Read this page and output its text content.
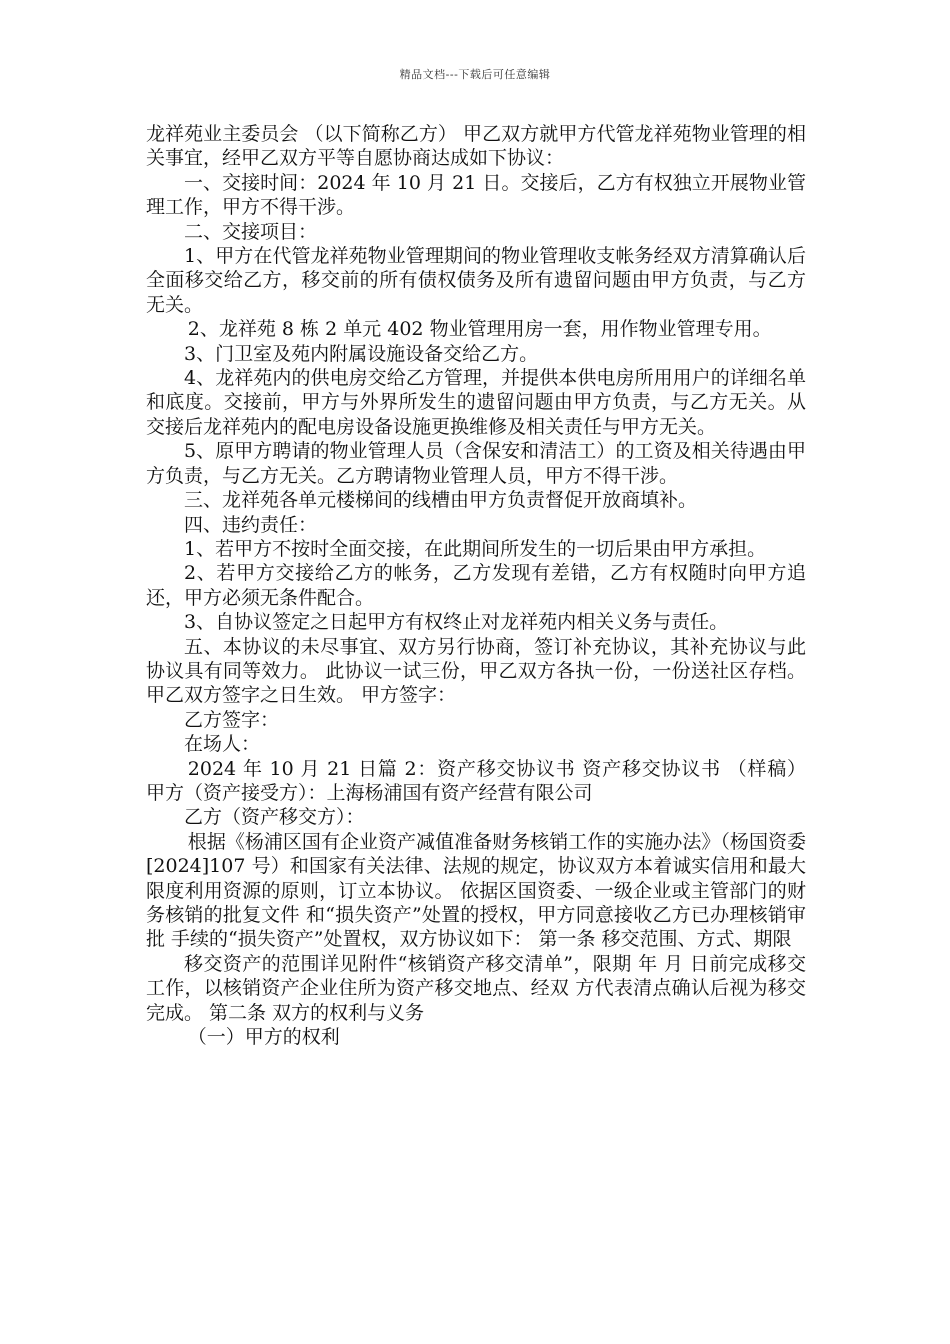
精品文档---下载后可任意编辑

龙祥苑业主委员会 （以下简称乙方） 甲乙双方就甲方代管龙祥苑物业管理的相关事宜，经甲乙双方平等自愿协商达成如下协议：

一、交接时间：2024 年 10 月 21 日。交接后，乙方有权独立开展物业管理工作，甲方不得干涉。

二、交接项目：

1、甲方在代管龙祥苑物业管理期间的物业管理收支帐务经双方清算确认后全面移交给乙方，移交前的所有债权债务及所有遗留问题由甲方负责，与乙方无关。

2、龙祥苑 8 栋 2 单元 402 物业管理用房一套，用作物业管理专用。

3、门卫室及苑内附属设施设备交给乙方。

4、龙祥苑内的供电房交给乙方管理，并提供本供电房所用用户的详细名单和底度。交接前，甲方与外界所发生的遗留问题由甲方负责，与乙方无关。从交接后龙祥苑内的配电房设备设施更换维修及相关责任与甲方无关。

5、原甲方聘请的物业管理人员（含保安和清洁工）的工资及相关待遇由甲方负责，与乙方无关。乙方聘请物业管理人员，甲方不得干涉。

三、龙祥苑各单元楼梯间的线槽由甲方负责督促开放商填补。

四、违约责任：

1、若甲方不按时全面交接，在此期间所发生的一切后果由甲方承担。

2、若甲方交接给乙方的帐务，乙方发现有差错，乙方有权随时向甲方追还，甲方必须无条件配合。

3、自协议签定之日起甲方有权终止对龙祥苑内相关义务与责任。

五、本协议的未尽事宜、双方另行协商，签订补充协议，其补充协议与此协议具有同等效力。 此协议一试三份，甲乙双方各执一份，一份送社区存档。甲乙双方签字之日生效。 甲方签字：

乙方签字：

在场人：

2024 年 10 月 21 日篇 2：资产移交协议书 资产移交协议书 （样稿） 甲方（资产接受方）：上海杨浦国有资产经营有限公司

乙方（资产移交方）：

根据《杨浦区国有企业资产减值准备财务核销工作的实施办法》（杨国资委[2024]107 号）和国家有关法律、法规的规定，协议双方本着诚实信用和最大限度利用资源的原则，订立本协议。 依据区国资委、一级企业或主管部门的财务核销的批复文件 和“损失资产”处置的授权，甲方同意接收乙方已办理核销审批 手续的“损失资产”处置权，双方协议如下： 第一条 移交范围、方式、期限

移交资产的范围详见附件“核销资产移交清单”，限期 年 月 日前完成移交工作，以核销资产企业住所为资产移交地点、经双 方代表清点确认后视为移交完成。 第二条 双方的权利与义务

（一）甲方的权利
